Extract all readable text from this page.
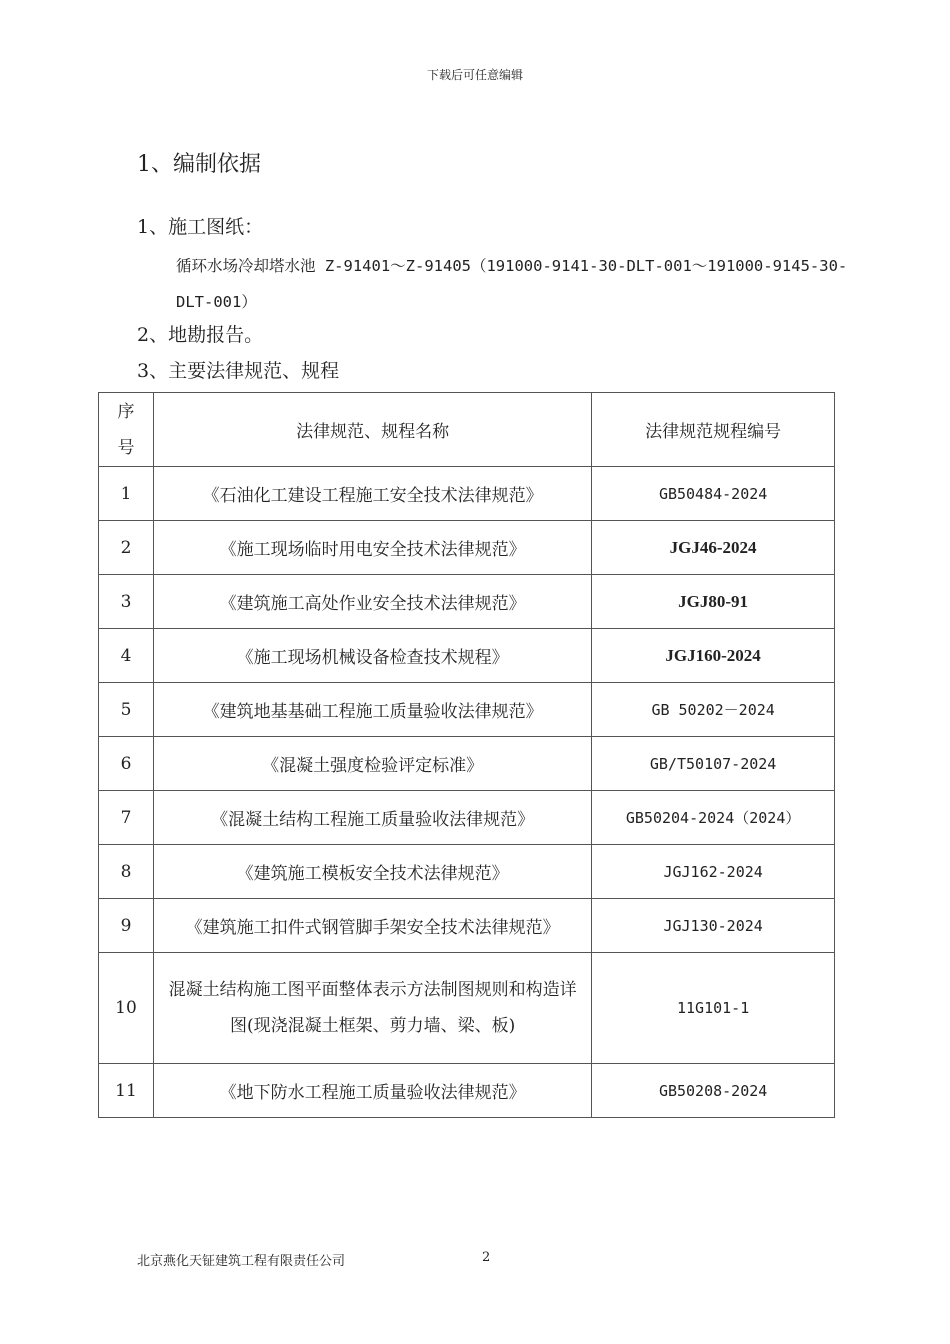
下载后可任意编辑
1、编制依据
1、施工图纸：
循环水场冷却塔水池 Z-91401～Z-91405（191000-9141-30-DLT-001～191000-9145-30-DLT-001）
2、地勘报告。
3、主要法律规范、规程
序号	法律规范、规程名称	法律规范规程编号
1	《石油化工建设工程施工安全技术法律规范》	GB50484-2024
2	《施工现场临时用电安全技术法律规范》	JGJ46-2024
3	《建筑施工高处作业安全技术法律规范》	JGJ80-91
4	《施工现场机械设备检查技术规程》	JGJ160-2024
5	《建筑地基基础工程施工质量验收法律规范》	GB 50202－2024
6	《混凝土强度检验评定标准》	GB/T50107-2024
7	《混凝土结构工程施工质量验收法律规范》	GB50204-2024（2024）
8	《建筑施工模板安全技术法律规范》	JGJ162-2024
9	《建筑施工扣件式钢管脚手架安全技术法律规范》	JGJ130-2024
10	混凝土结构施工图平面整体表示方法制图规则和构造详图(现浇混凝土框架、剪力墙、梁、板)	11G101-1
11	《地下防水工程施工质量验收法律规范》	GB50208-2024
北京燕化天钲建筑工程有限责任公司	2
